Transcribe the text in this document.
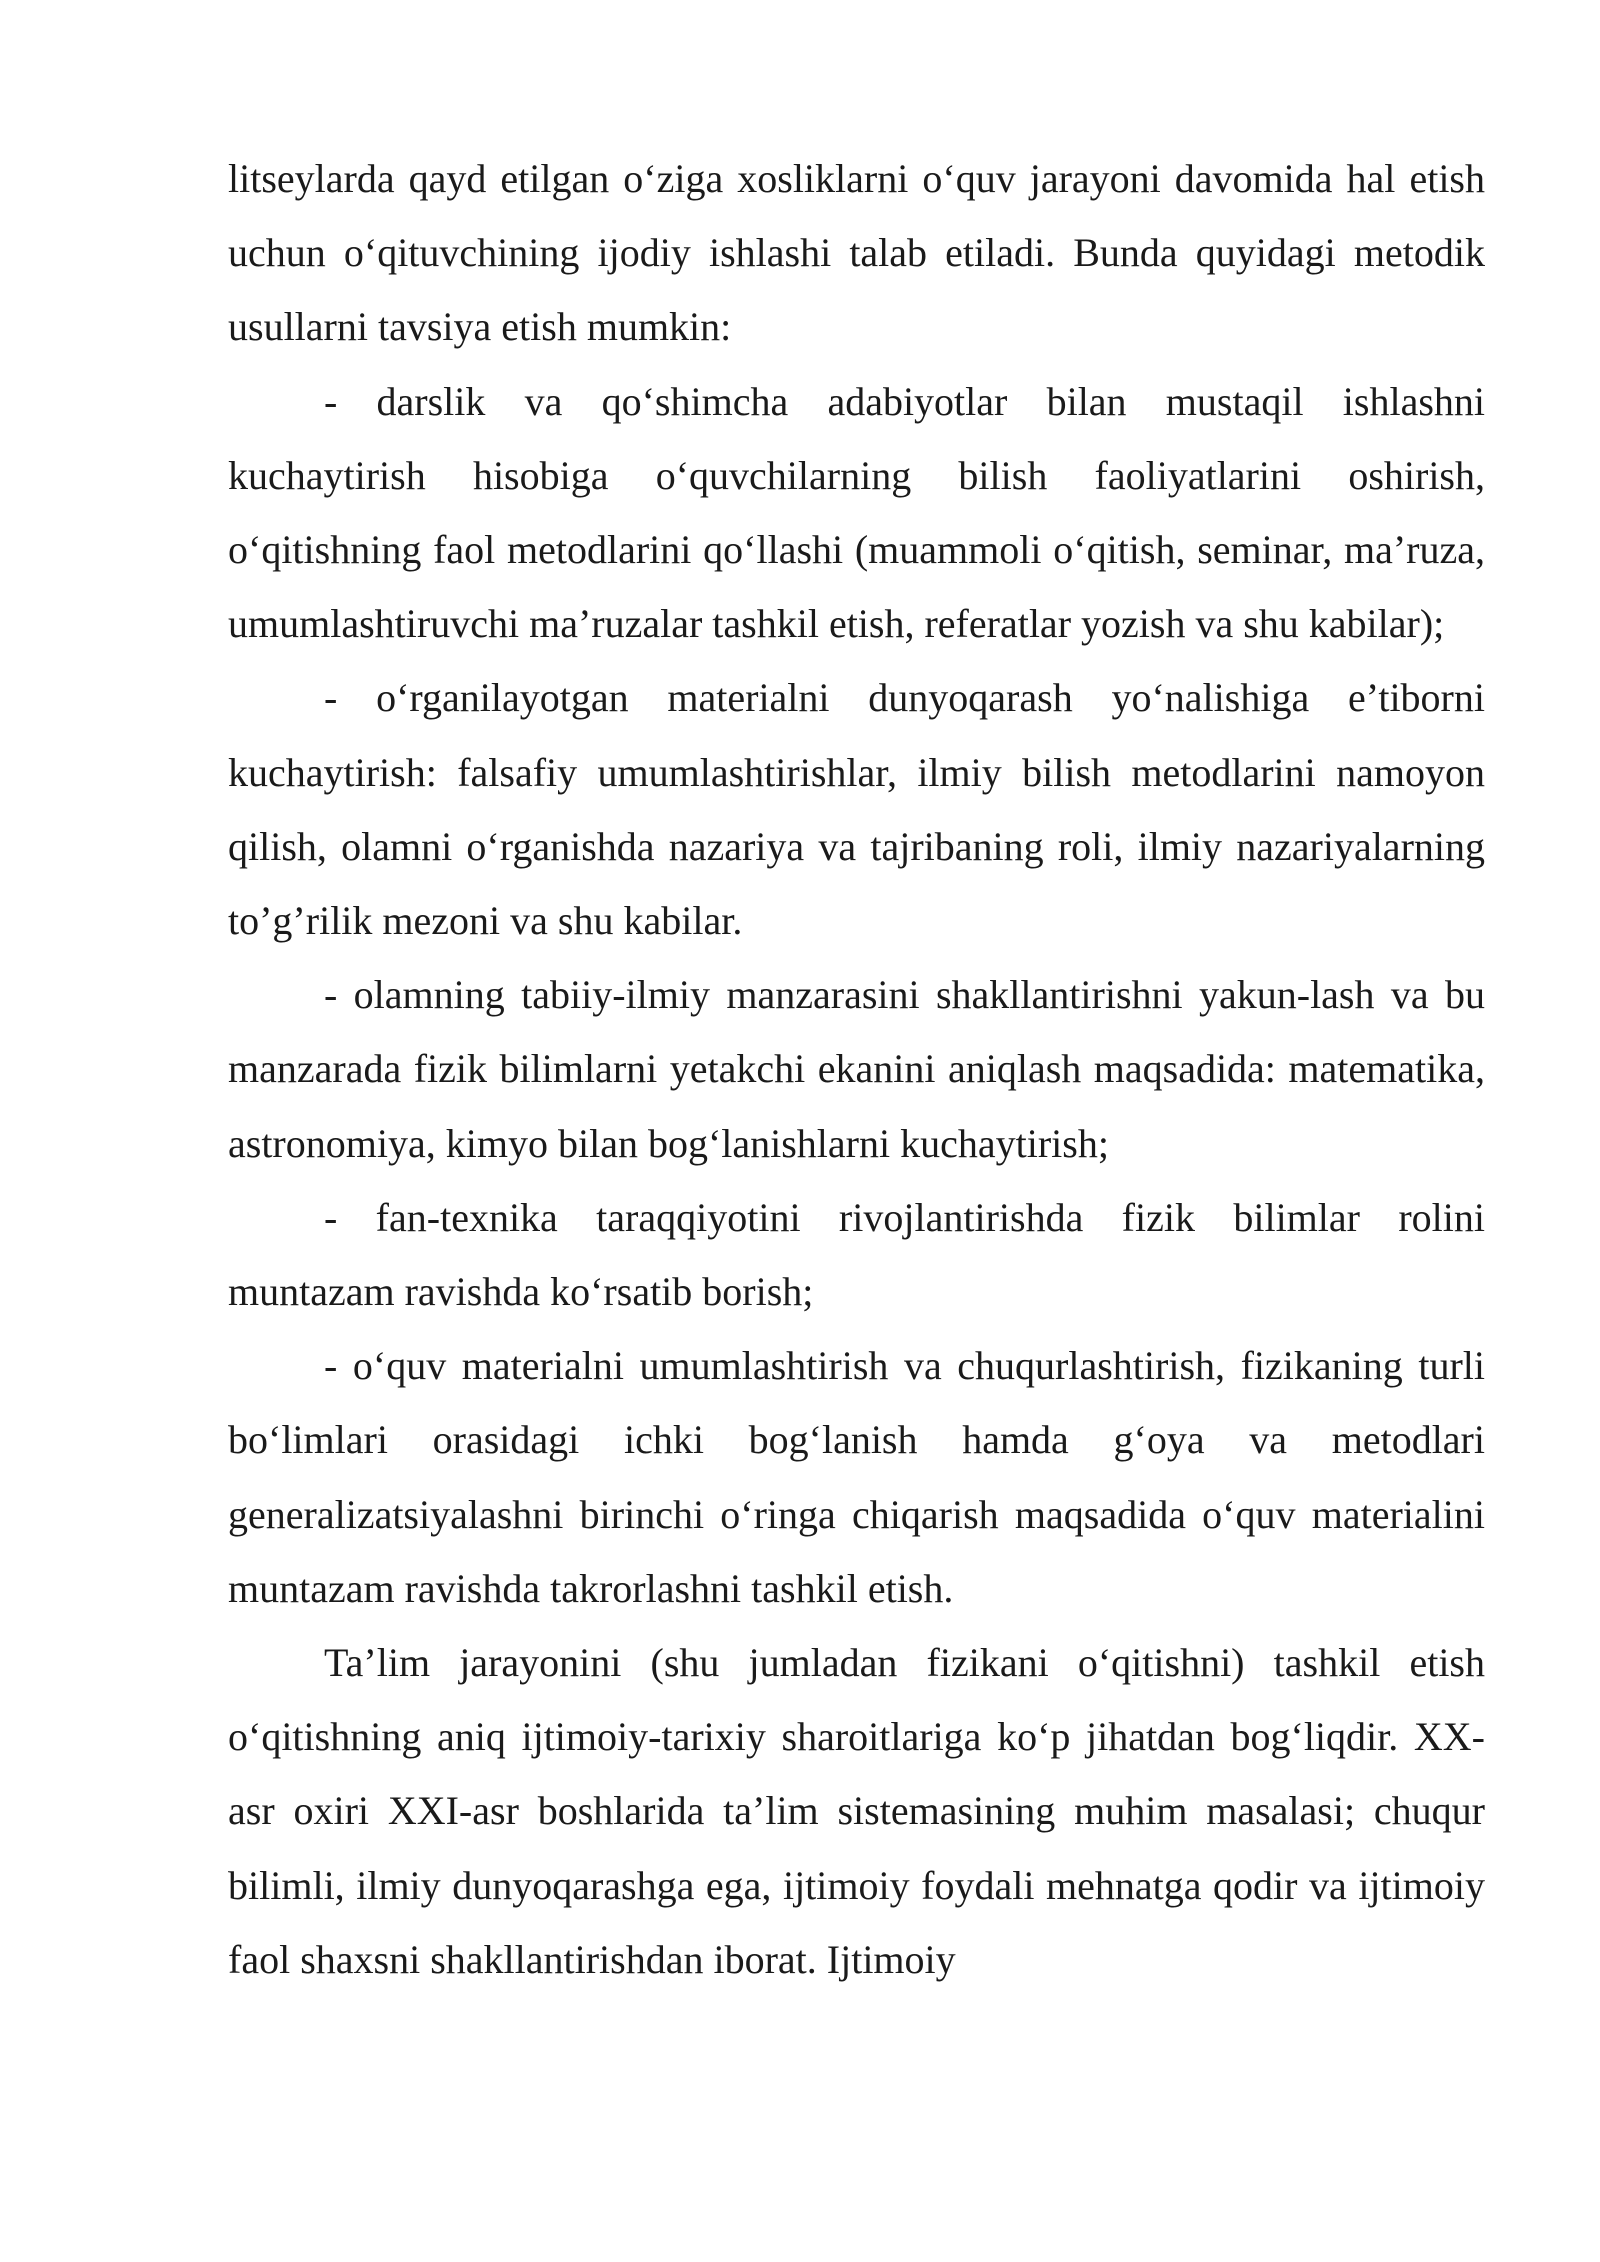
litseylarda qayd etilgan o‘ziga xosliklarni o‘quv jarayoni davomida hal etish uchun o‘qituvchining ijodiy ishlashi talab etiladi. Bunda quyidagi metodik usullarni tavsiya etish mumkin:

- darslik va qo‘shimcha adabiyotlar bilan mustaqil ishlashni kuchaytirish hisobiga o‘quvchilarning bilish faoliyatlarini oshirish, o‘qitishning faol metodlarini qo‘llashi (muammoli o‘qitish, seminar, ma’ruza, umumlashtiruvchi ma’ruzalar tashkil etish, referatlar yozish va shu kabilar);

- o‘rganilayotgan materialni dunyoqarash yo‘nalishiga e’tiborni kuchaytirish: falsafiy umumlashtirishlar, ilmiy bilish metodlarini namoyon qilish, olamni o‘rganishda nazariya va tajribaning roli, ilmiy nazariyalarning to’g’rilik mezoni va shu kabilar.

- olamning tabiiy-ilmiy manzarasini shakllantirishni yakun-lash va bu manzarada fizik bilimlarni yetakchi ekanini aniqlash maqsadida: matematika, astronomiya, kimyo bilan bog‘lanishlarni kuchaytirish;

- fan-texnika taraqqiyotini rivojlantirishda fizik bilimlar rolini muntazam ravishda ko‘rsatib borish;

- o‘quv materialni umumlashtirish va chuqurlashtirish, fizikaning turli bo‘limlari orasidagi ichki bog‘lanish hamda g‘oya va metodlari generalizatsiyalashni birinchi o‘ringa chiqarish maqsadida o‘quv materialini muntazam ravishda takrorlashni tashkil etish.

Ta’lim jarayonini (shu jumladan fizikani o‘qitishni) tashkil etish o‘qitishning aniq ijtimoiy-tarixiy sharoitlariga ko‘p jihatdan bog‘liqdir. XX-asr oxiri XXI-asr boshlarida ta’lim sistemasining muhim masalasi; chuqur bilimli, ilmiy dunyoqarashga ega, ijtimoiy foydali mehnatga qodir va ijtimoiy faol shaxsni shakllantirishdan iborat. Ijtimoiy
